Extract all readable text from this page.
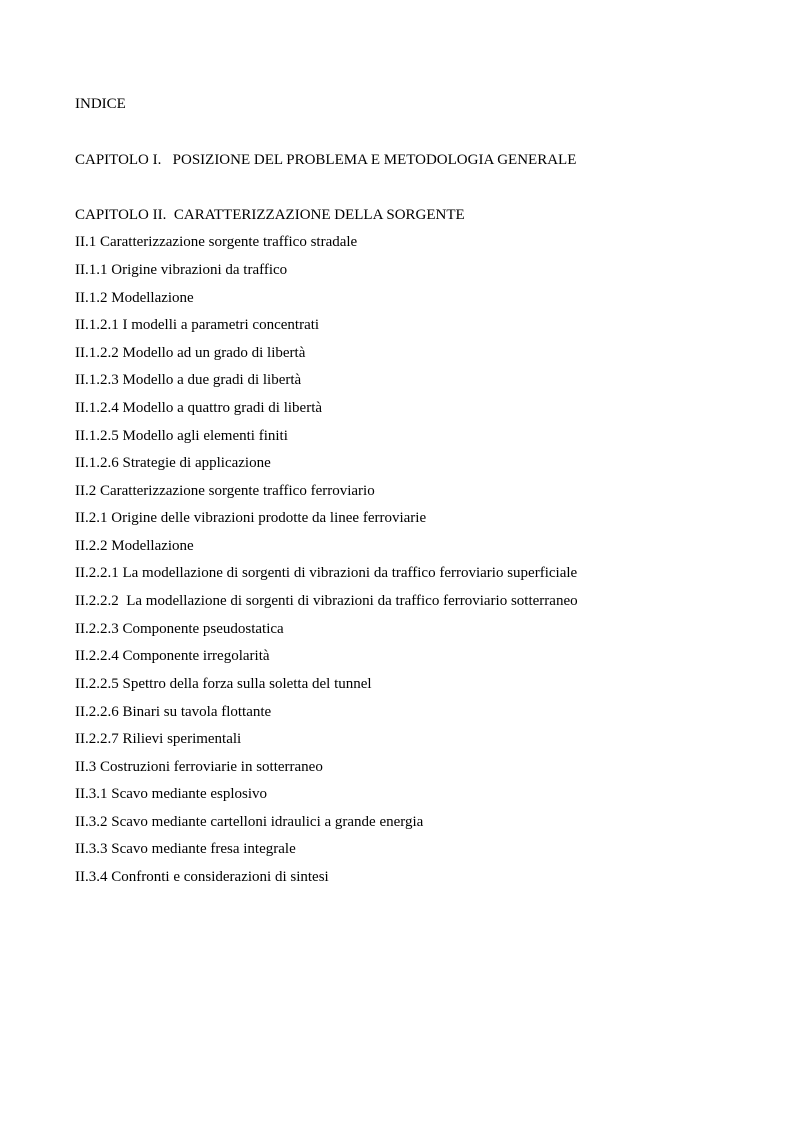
INDICE

CAPITOLO I.   POSIZIONE DEL PROBLEMA E METODOLOGIA GENERALE

CAPITOLO II.  CARATTERIZZAZIONE DELLA SORGENTE

II.1 Caratterizzazione sorgente traffico stradale

II.1.1 Origine vibrazioni da traffico

II.1.2 Modellazione

II.1.2.1 I modelli a parametri concentrati

II.1.2.2 Modello ad un grado di libertà

II.1.2.3 Modello a due gradi di libertà

II.1.2.4 Modello a quattro gradi di libertà

II.1.2.5 Modello agli elementi finiti

II.1.2.6 Strategie di applicazione

II.2 Caratterizzazione sorgente traffico ferroviario

II.2.1 Origine delle vibrazioni prodotte da linee ferroviarie

II.2.2 Modellazione

II.2.2.1 La modellazione di sorgenti di vibrazioni da traffico ferroviario superficiale

II.2.2.2  La modellazione di sorgenti di vibrazioni da traffico ferroviario sotterraneo

II.2.2.3 Componente pseudostatica

II.2.2.4 Componente irregolarità

II.2.2.5 Spettro della forza sulla soletta del tunnel

II.2.2.6 Binari su tavola flottante

II.2.2.7 Rilievi sperimentali

II.3 Costruzioni ferroviarie in sotterraneo

II.3.1 Scavo mediante esplosivo

II.3.2 Scavo mediante cartelloni idraulici a grande energia

II.3.3 Scavo mediante fresa integrale

II.3.4 Confronti e considerazioni di sintesi
